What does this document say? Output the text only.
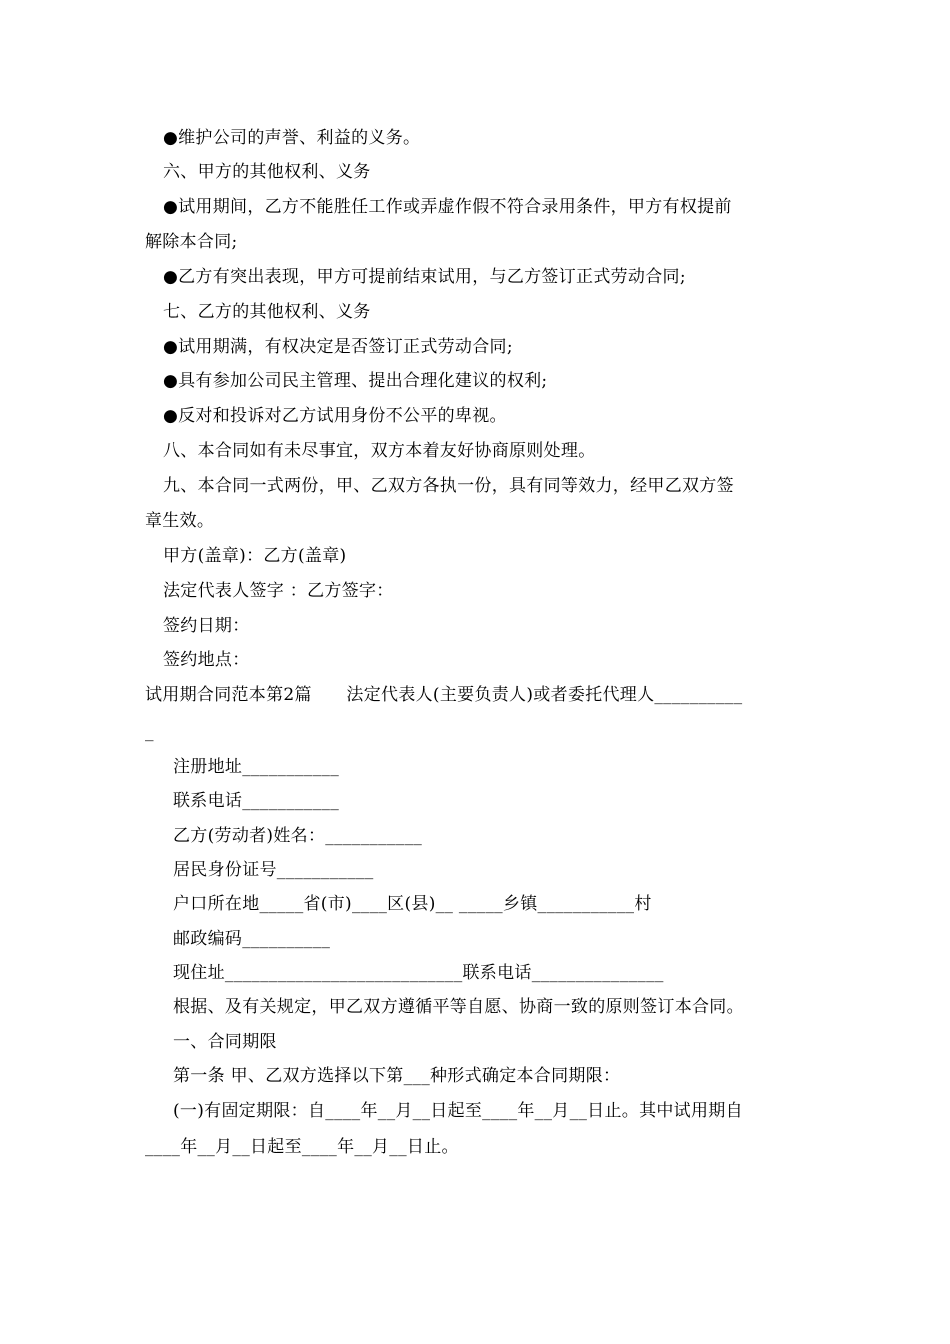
●维护公司的声誉、利益的义务。
六、甲方的其他权利、义务
●试用期间，乙方不能胜任工作或弄虚作假不符合录用条件，甲方有权提前
解除本合同;
●乙方有突出表现，甲方可提前结束试用，与乙方签订正式劳动合同;
七、乙方的其他权利、义务
●试用期满，有权决定是否签订正式劳动合同;
●具有参加公司民主管理、提出合理化建议的权利;
●反对和投诉对乙方试用身份不公平的卑视。
八、本合同如有未尽事宜，双方本着友好协商原则处理。
九、本合同一式两份，甲、乙双方各执一份，具有同等效力，经甲乙双方签
章生效。
甲方(盖章)：乙方(盖章)
法定代表人签字 ：乙方签字：
签约日期：
签约地点：
试用期合同范本第2篇　　法定代表人(主要负责人)或者委托代理人__________
_
注册地址___________
联系电话___________
乙方(劳动者)姓名：___________
居民身份证号___________
户口所在地_____省(市)____区(县)__ _____乡镇___________村
邮政编码__________
现住址___________________________联系电话_______________
根据、及有关规定，甲乙双方遵循平等自愿、协商一致的原则签订本合同。
一、合同期限
第一条 甲、乙双方选择以下第___种形式确定本合同期限：
(一)有固定期限：自____年__月__日起至____年__月__日止。其中试用期自
____年__月__日起至____年__月__日止。
